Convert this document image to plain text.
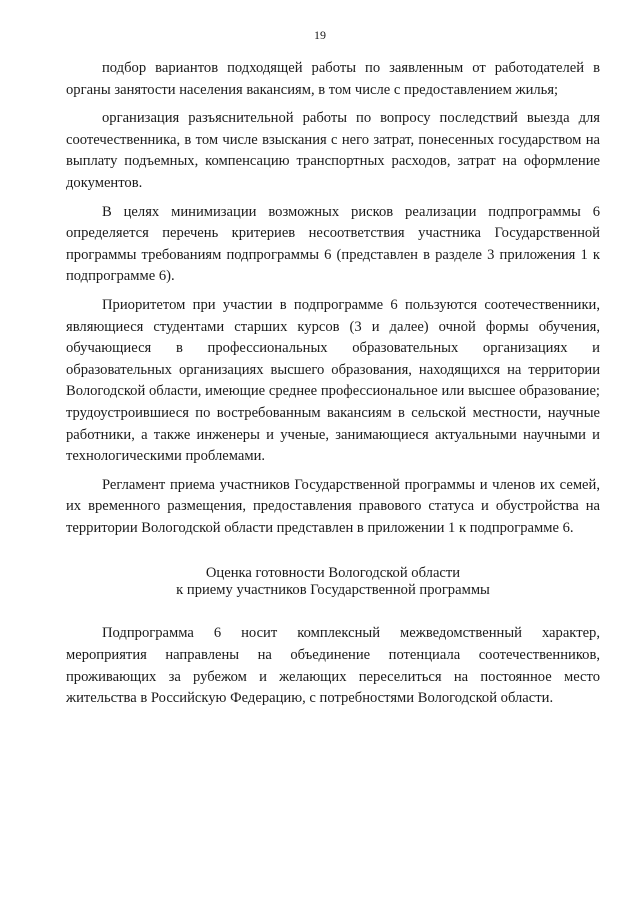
19

подбор вариантов подходящей работы по заявленным от работодателей в органы занятости населения вакансиям, в том числе с предоставлением жилья;

организация разъяснительной работы по вопросу последствий выезда для соотечественника, в том числе взыскания с него затрат, понесенных государством на выплату подъемных, компенсацию транспортных расходов, затрат на оформление документов.

В целях минимизации возможных рисков реализации подпрограммы 6 определяется перечень критериев несоответствия участника Государственной программы требованиям подпрограммы 6 (представлен в разделе 3 приложения 1 к подпрограмме 6).

Приоритетом при участии в подпрограмме 6 пользуются соотечественники, являющиеся студентами старших курсов (3 и далее) очной формы обучения, обучающиеся в профессиональных образовательных организациях и образовательных организациях высшего образования, находящихся на территории Вологодской области, имеющие среднее профессиональное или высшее образование; трудоустроившиеся по востребованным вакансиям в сельской местности, научные работники, а также инженеры и ученые, занимающиеся актуальными научными и технологическими проблемами.

Регламент приема участников Государственной программы и членов их семей, их временного размещения, предоставления правового статуса и обустройства на территории Вологодской области представлен в приложении 1 к подпрограмме 6.

Оценка готовности Вологодской области
к приему участников Государственной программы

Подпрограмма 6 носит комплексный межведомственный характер, мероприятия направлены на объединение потенциала соотечественников, проживающих за рубежом и желающих переселиться на постоянное место жительства в Российскую Федерацию, с потребностями Вологодской области.
